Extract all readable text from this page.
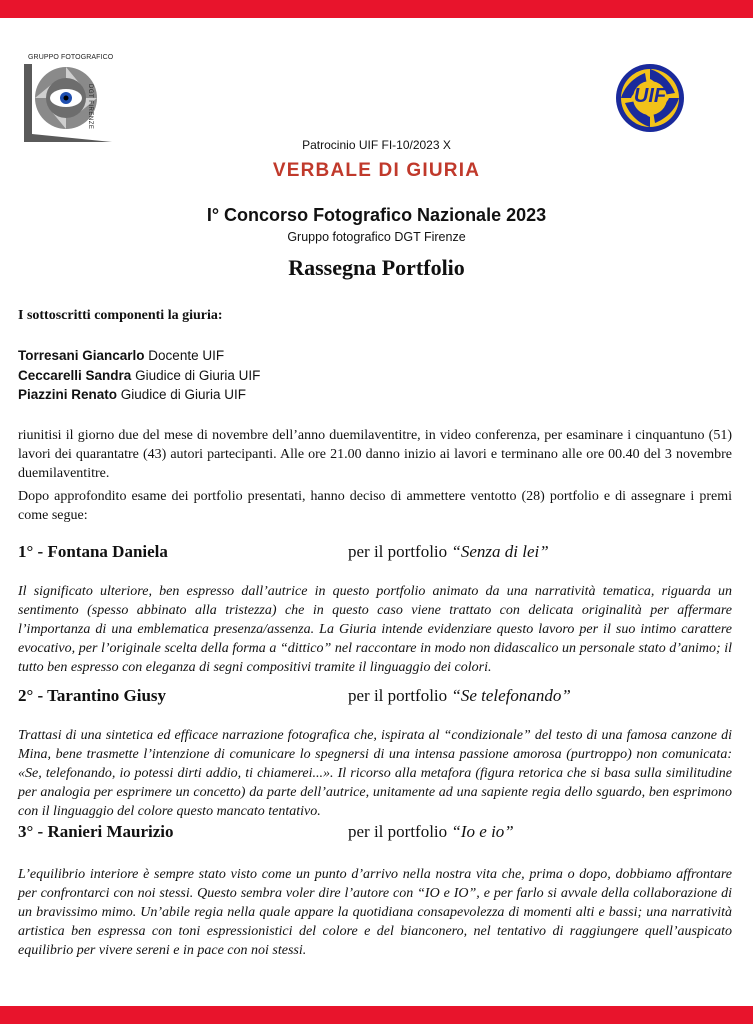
GRUPPO FOTOGRAFICO
DGT FIRENZE	UIF
Patrocinio UIF FI-10/2023 X
VERBALE DI GIURIA
I° Concorso Fotografico Nazionale 2023
Gruppo fotografico DGT Firenze
Rassegna Portfolio
I sottoscritti componenti la giuria:
Torresani Giancarlo Docente UIF
Ceccarelli Sandra Giudice di Giuria UIF
Piazzini Renato Giudice di Giuria UIF
riunitisi il giorno due del mese di novembre dell’anno duemilaventitre, in video conferenza, per esaminare i cinquantuno (51) lavori dei quarantatre (43) autori partecipanti. Alle ore 21.00 danno inizio ai lavori e terminano alle ore 00.40 del 3 novembre duemilaventitre.
Dopo approfondito esame dei portfolio presentati, hanno deciso di ammettere ventotto (28) portfolio e di assegnare i premi come segue:
1° - Fontana Daniela	per il portfolio “Senza di lei”
Il significato ulteriore, ben espresso dall’autrice in questo portfolio animato da una narratività tematica, riguarda un sentimento (spesso abbinato alla tristezza) che in questo caso viene trattato con delicata originalità per affermare l’importanza di una emblematica presenza/assenza. La Giuria intende evidenziare questo lavoro per il suo intimo carattere evocativo, per l’originale scelta della forma a “dittico” nel raccontare in modo non didascalico un personale stato d’animo; il tutto ben espresso con eleganza di segni compositivi tramite il linguaggio dei colori.
2° - Tarantino Giusy	per il portfolio “Se telefonando”
Trattasi di una sintetica ed efficace narrazione fotografica che, ispirata al “condizionale” del testo di una famosa canzone di Mina, bene trasmette l’intenzione di comunicare lo spegnersi di una intensa passione amorosa (purtroppo) non comunicata: «Se, telefonando, io potessi dirti addio, ti chiamerei...». Il ricorso alla metafora (figura retorica che si basa sulla similitudine per analogia per esprimere un concetto) da parte dell’autrice, unitamente ad una sapiente regia dello sguardo, ben esprimono con il linguaggio del colore questo mancato tentativo.
3° - Ranieri Maurizio	per il portfolio “Io e io”
L’equilibrio interiore è sempre stato visto come un punto d’arrivo nella nostra vita che, prima o dopo, dobbiamo affrontare per confrontarci con noi stessi. Questo sembra voler dire l’autore con “IO e IO”, e per farlo si avvale della collaborazione di un bravissimo mimo. Un’abile regia nella quale appare la quotidiana consapevolezza di momenti alti e bassi; una narratività artistica ben espressa con toni espressionistici del colore e del bianconero, nel tentativo di raggiungere quell’auspicato equilibrio per vivere sereni e in pace con noi stessi.
